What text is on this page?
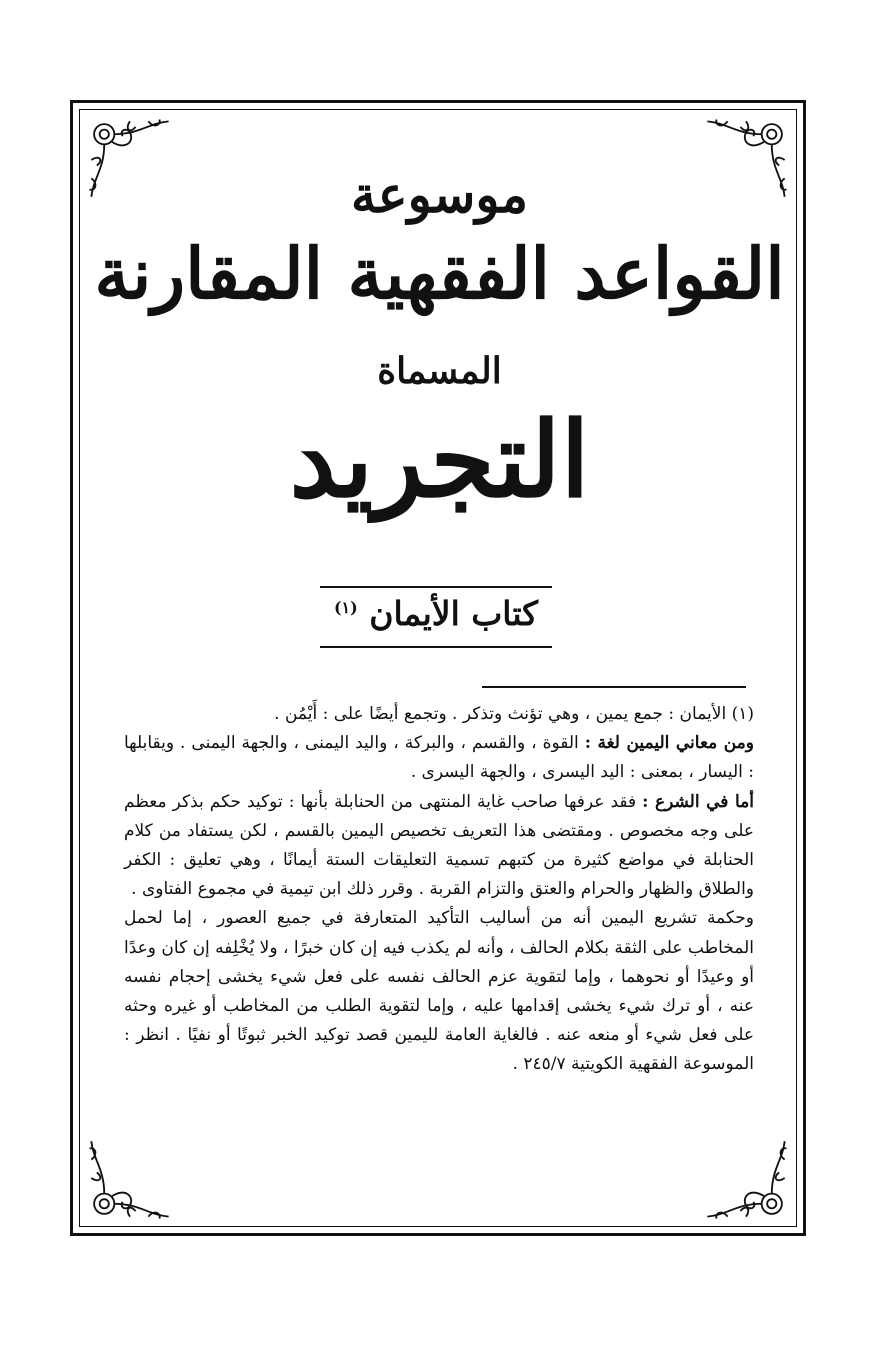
موسوعة
القواعد الفقهية المقارنة
المسماة
التجريد
كتاب الأيمان $^{(١)}$

(١) الأيمان : جمع يمين ، وهي تؤنث وتذكر . وتجمع أيضًا على : أَيْمُن .

ومن معاني اليمين لغة : القوة ، والقسم ، والبركة ، واليد اليمنى ، والجهة اليمنى . ويقابلها : اليسار ، بمعنى : اليد اليسرى ، والجهة اليسرى .

أما في الشرع : فقد عرفها صاحب غاية المنتهى من الحنابلة بأنها : توكيد حكم بذكر معظم على وجه مخصوص . ومقتضى هذا التعريف تخصيص اليمين بالقسم ، لكن يستفاد من كلام الحنابلة في مواضع كثيرة من كتبهم تسمية التعليقات الستة أيمانًا ، وهي تعليق : الكفر والطلاق والظهار والحرام والعتق والتزام القربة . وقرر ذلك ابن تيمية في مجموع الفتاوى .

وحكمة تشريع اليمين أنه من أساليب التأكيد المتعارفة في جميع العصور ، إما لحمل المخاطب على الثقة بكلام الحالف ، وأنه لم يكذب فيه إن كان خبرًا ، ولا يُخْلِفه إن كان وعدًا أو وعيدًا أو نحوهما ، وإما لتقوية عزم الحالف نفسه على فعل شيء يخشى إحجام نفسه عنه ، أو ترك شيء يخشى إقدامها عليه ، وإما لتقوية الطلب من المخاطب أو غيره وحثه على فعل شيء أو منعه عنه . فالغاية العامة لليمين قصد توكيد الخبر ثبوتًا أو نفيًا . انظر : الموسوعة الفقهية الكويتية ٢٤٥/٧ .
